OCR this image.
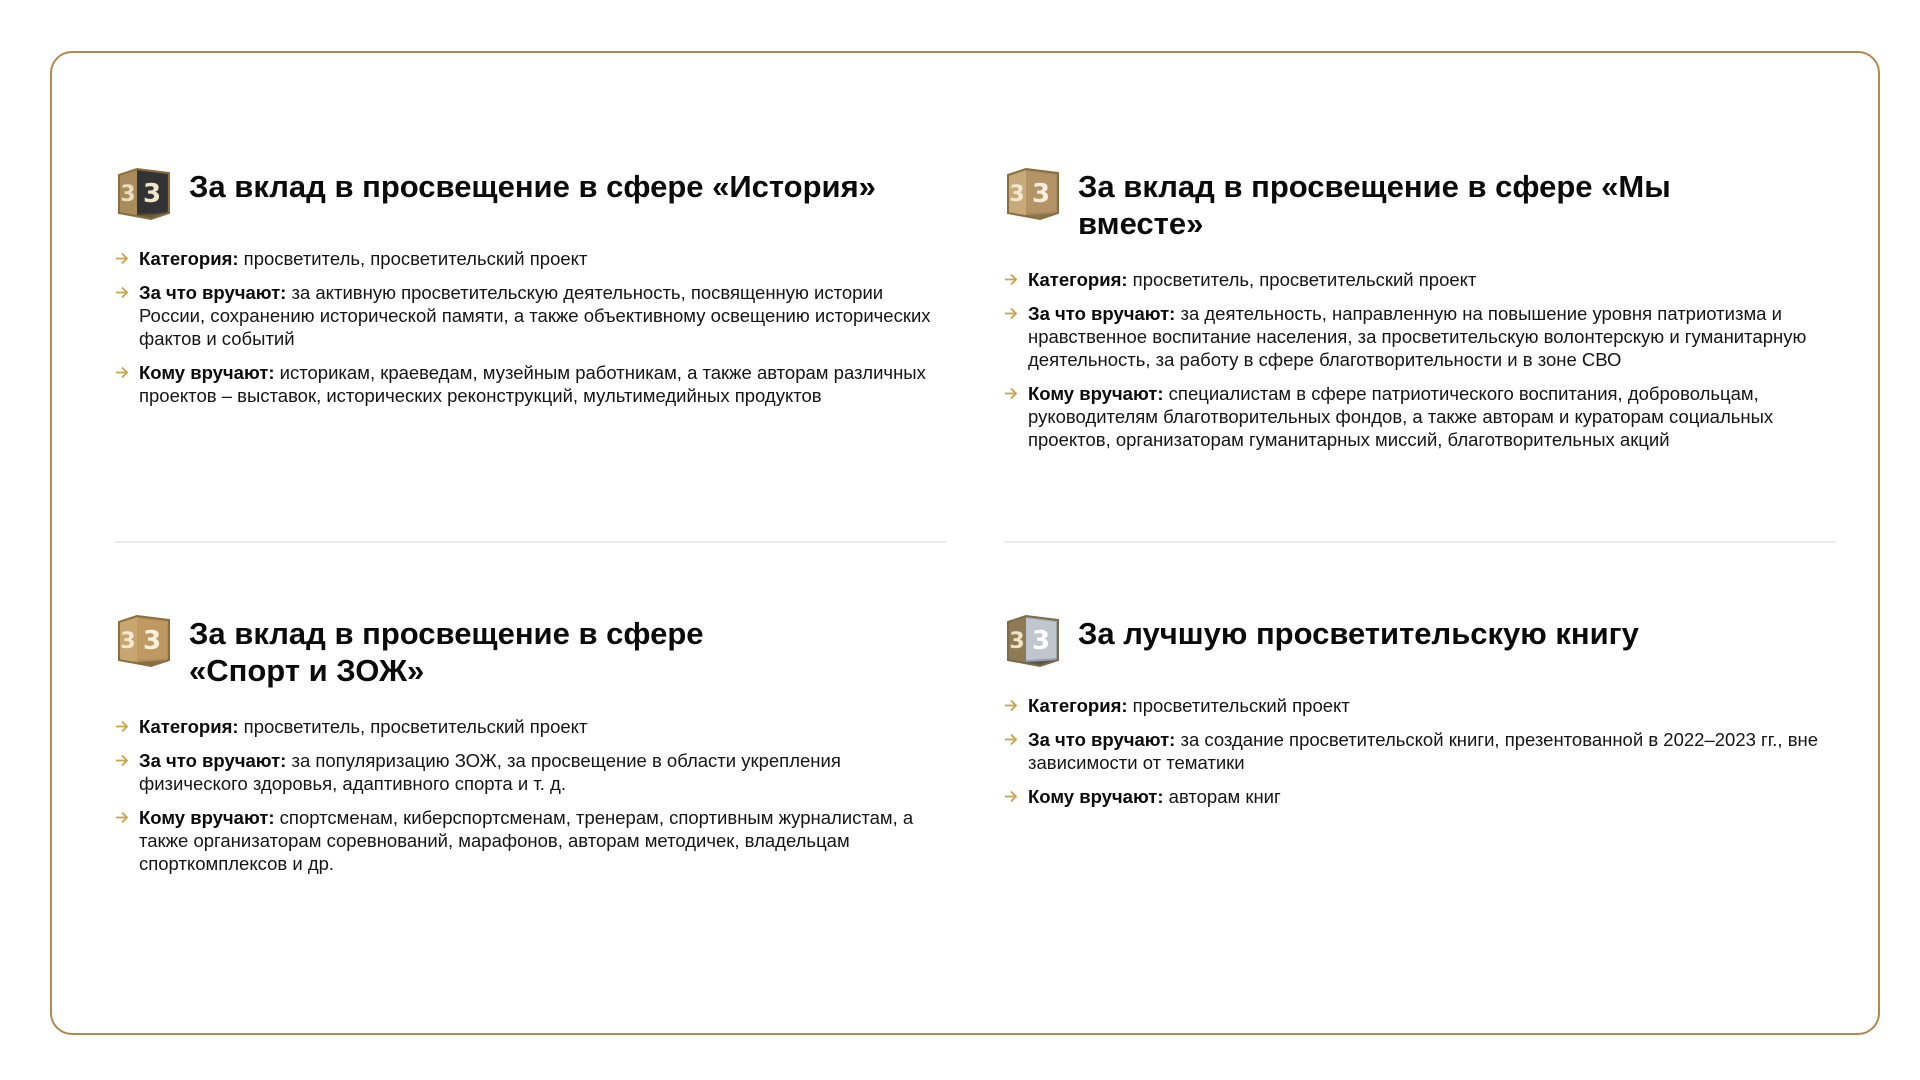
3 3 За вклад в просвещение в сфере «История»
Категория: просветитель, просветительский проект
За что вручают: за активную просветительскую деятельность, посвященную истории России, сохранению исторической памяти, а также объективному освещению исторических фактов и событий
Кому вручают: историкам, краеведам, музейным работникам, а также авторам различных проектов – выставок, исторических реконструкций, мультимедийных продуктов
3 3 За вклад в просвещение в сфере «Мы вместе»
Категория: просветитель, просветительский проект
За что вручают: за деятельность, направленную на повышение уровня патриотизма и нравственное воспитание населения, за просветительскую волонтерскую и гуманитарную деятельность, за работу в сфере благотворительности и в зоне СВО
Кому вручают: специалистам в сфере патриотического воспитания, добровольцам, руководителям благотворительных фондов, а также авторам и кураторам социальных проектов, организаторам гуманитарных миссий, благотворительных акций
3 3 За вклад в просвещение в сфере «Спорт и ЗОЖ»
Категория: просветитель, просветительский проект
За что вручают: за популяризацию ЗОЖ, за просвещение в области укрепления физического здоровья, адаптивного спорта и т. д.
Кому вручают: спортсменам, киберспортсменам, тренерам, спортивным журналистам, а также организаторам соревнований, марафонов, авторам методичек, владельцам спорткомплексов и др.
3 3 За лучшую просветительскую книгу
Категория: просветительский проект
За что вручают: за создание просветительской книги, презентованной в 2022–2023 гг., вне зависимости от тематики
Кому вручают: авторам книг
